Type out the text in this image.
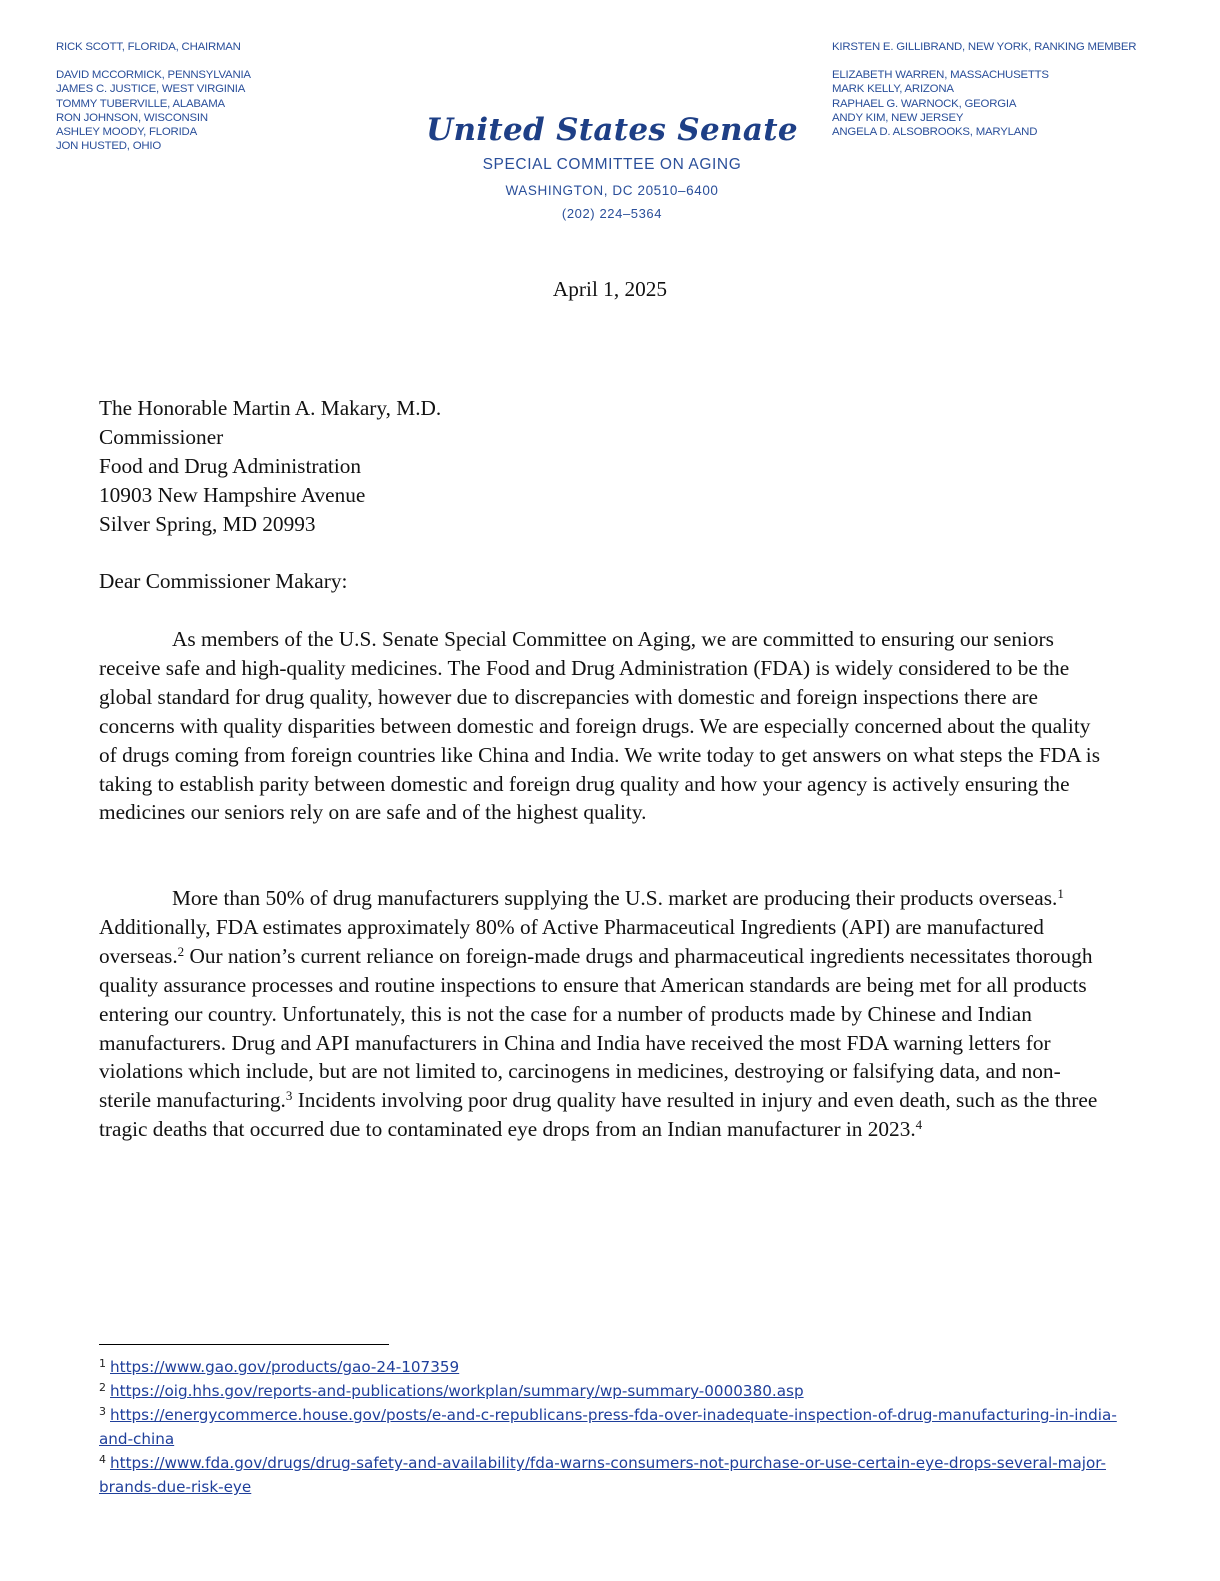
RICK SCOTT, FLORIDA, CHAIRMAN
DAVID MCCORMICK, PENNSYLVANIA
JAMES C. JUSTICE, WEST VIRGINIA
TOMMY TUBERVILLE, ALABAMA
RON JOHNSON, WISCONSIN
ASHLEY MOODY, FLORIDA
JON HUSTED, OHIO	United States Senate
SPECIAL COMMITTEE ON AGING
WASHINGTON, DC 20510–6400
(202) 224–5364
KIRSTEN E. GILLIBRAND, NEW YORK, RANKING MEMBER
ELIZABETH WARREN, MASSACHUSETTS
MARK KELLY, ARIZONA
RAPHAEL G. WARNOCK, GEORGIA
ANDY KIM, NEW JERSEY
ANGELA D. ALSOBROOKS, MARYLAND
April 1, 2025
The Honorable Martin A. Makary, M.D.
Commissioner
Food and Drug Administration
10903 New Hampshire Avenue
Silver Spring, MD 20993
Dear Commissioner Makary:

As members of the U.S. Senate Special Committee on Aging, we are committed to ensuring our seniors receive safe and high-quality medicines. The Food and Drug Administration (FDA) is widely considered to be the global standard for drug quality, however due to discrepancies with domestic and foreign inspections there are concerns with quality disparities between domestic and foreign drugs. We are especially concerned about the quality of drugs coming from foreign countries like China and India. We write today to get answers on what steps the FDA is taking to establish parity between domestic and foreign drug quality and how your agency is actively ensuring the medicines our seniors rely on are safe and of the highest quality.

More than 50% of drug manufacturers supplying the U.S. market are producing their products overseas.$^1$ Additionally, FDA estimates approximately 80% of Active Pharmaceutical Ingredients (API) are manufactured overseas.$^2$ Our nation’s current reliance on foreign-made drugs and pharmaceutical ingredients necessitates thorough quality assurance processes and routine inspections to ensure that American standards are being met for all products entering our country. Unfortunately, this is not the case for a number of products made by Chinese and Indian manufacturers. Drug and API manufacturers in China and India have received the most FDA warning letters for violations which include, but are not limited to, carcinogens in medicines, destroying or falsifying data, and non-sterile manufacturing.$^3$ Incidents involving poor drug quality have resulted in injury and even death, such as the three tragic deaths that occurred due to contaminated eye drops from an Indian manufacturer in 2023.$^4$

$^1$ https://www.gao.gov/products/gao-24-107359

$^2$ https://oig.hhs.gov/reports-and-publications/workplan/summary/wp-summary-0000380.asp

$^3$ https://energycommerce.house.gov/posts/e-and-c-republicans-press-fda-over-inadequate-inspection-of-drug-manufacturing-in-india-and-china

$^4$ https://www.fda.gov/drugs/drug-safety-and-availability/fda-warns-consumers-not-purchase-or-use-certain-eye-drops-several-major-brands-due-risk-eye
